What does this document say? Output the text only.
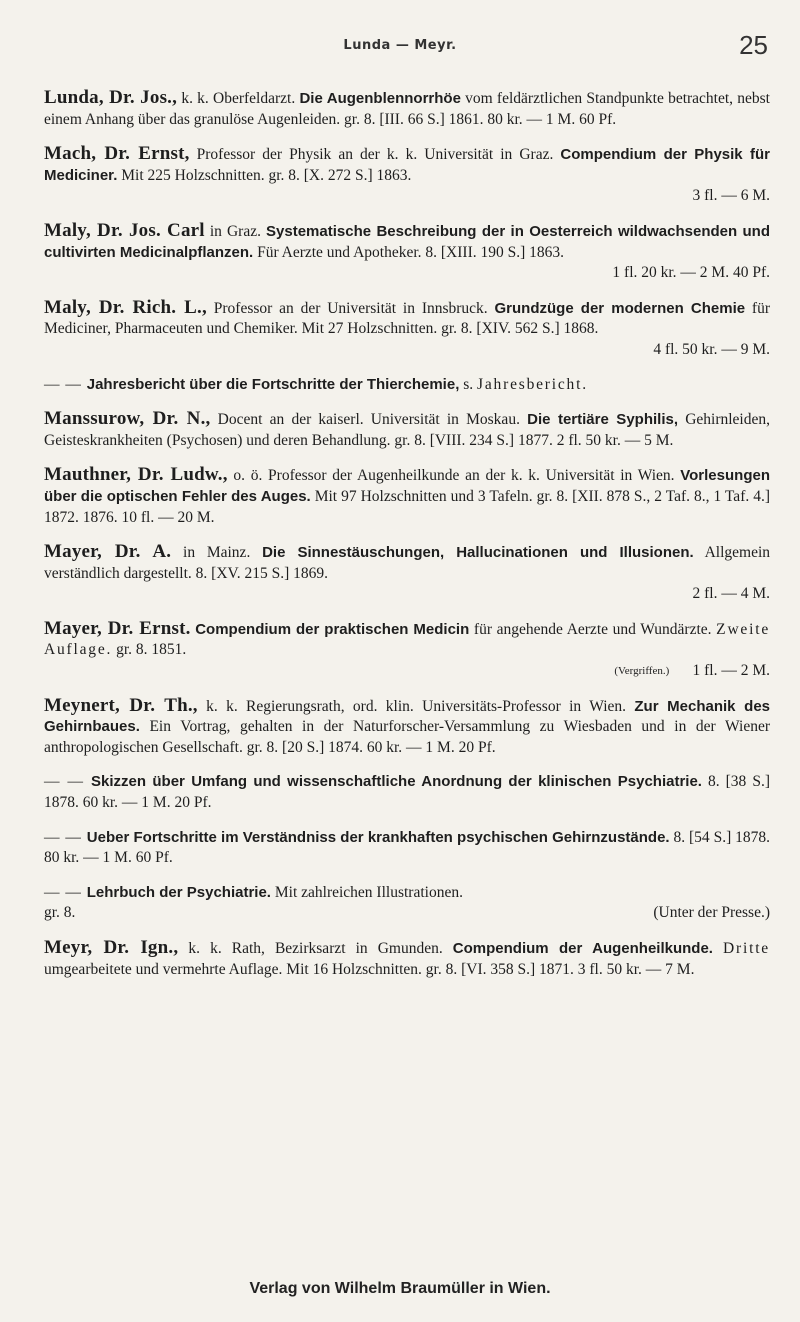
Lunda — Meyr.	25
Lunda, Dr. Jos., k. k. Oberfeldarzt. Die Augenblennorrhöe vom feldärztlichen Standpunkte betrachtet, nebst einem Anhang über das granulöse Augenleiden. gr. 8. [III. 66 S.] 1861. 80 kr. — 1 M. 60 Pf.
Mach, Dr. Ernst, Professor der Physik an der k. k. Universität in Graz. Compendium der Physik für Mediciner. Mit 225 Holzschnitten. gr. 8. [X. 272 S.] 1863.
3 fl. — 6 M.
Maly, Dr. Jos. Carl in Graz. Systematische Beschreibung der in Oesterreich wildwachsenden und cultivirten Medicinalpflanzen. Für Aerzte und Apotheker. 8. [XIII. 190 S.] 1863.
1 fl. 20 kr. — 2 M. 40 Pf.
Maly, Dr. Rich. L., Professor an der Universität in Innsbruck. Grundzüge der modernen Chemie für Mediciner, Pharmaceuten und Chemiker. Mit 27 Holzschnitten. gr. 8. [XIV. 562 S.] 1868.
4 fl. 50 kr. — 9 M.
— — Jahresbericht über die Fortschritte der Thierchemie, s. Jahresbericht.
Manssurow, Dr. N., Docent an der kaiserl. Universität in Moskau. Die tertiäre Syphilis, Gehirnleiden, Geisteskrankheiten (Psychosen) und deren Behandlung. gr. 8. [VIII. 234 S.] 1877. 2 fl. 50 kr. — 5 M.
Mauthner, Dr. Ludw., o. ö. Professor der Augenheilkunde an der k. k. Universität in Wien. Vorlesungen über die optischen Fehler des Auges. Mit 97 Holzschnitten und 3 Tafeln. gr. 8. [XII. 878 S., 2 Taf. 8., 1 Taf. 4.] 1872. 1876. 10 fl. — 20 M.
Mayer, Dr. A. in Mainz. Die Sinnestäuschungen, Hallucinationen und Illusionen. Allgemein verständlich dargestellt. 8. [XV. 215 S.] 1869.
2 fl. — 4 M.
Mayer, Dr. Ernst. Compendium der praktischen Medicin für angehende Aerzte und Wundärzte. Zweite Auflage. gr. 8. 1851.
(Vergriffen.)
1 fl. — 2 M.
Meynert, Dr. Th., k. k. Regierungsrath, ord. klin. Universitäts-Professor in Wien. Zur Mechanik des Gehirnbaues. Ein Vortrag, gehalten in der Naturforscher-Versammlung zu Wiesbaden und in der Wiener anthropologischen Gesellschaft. gr. 8. [20 S.] 1874. 60 kr. — 1 M. 20 Pf.
— — Skizzen über Umfang und wissenschaftliche Anordnung der klinischen Psychiatrie. 8. [38 S.] 1878. 60 kr. — 1 M. 20 Pf.
— — Ueber Fortschritte im Verständniss der krankhaften psychischen Gehirnzustände. 8. [54 S.] 1878. 80 kr. — 1 M. 60 Pf.
— — Lehrbuch der Psychiatrie. Mit zahlreichen Illustrationen.
gr. 8.	(Unter der Presse.)
Meyr, Dr. Ign., k. k. Rath, Bezirksarzt in Gmunden. Compendium der Augenheilkunde. Dritte umgearbeitete und vermehrte Auflage. Mit 16 Holzschnitten. gr. 8. [VI. 358 S.] 1871. 3 fl. 50 kr. — 7 M.
Verlag von Wilhelm Braumüller in Wien.
